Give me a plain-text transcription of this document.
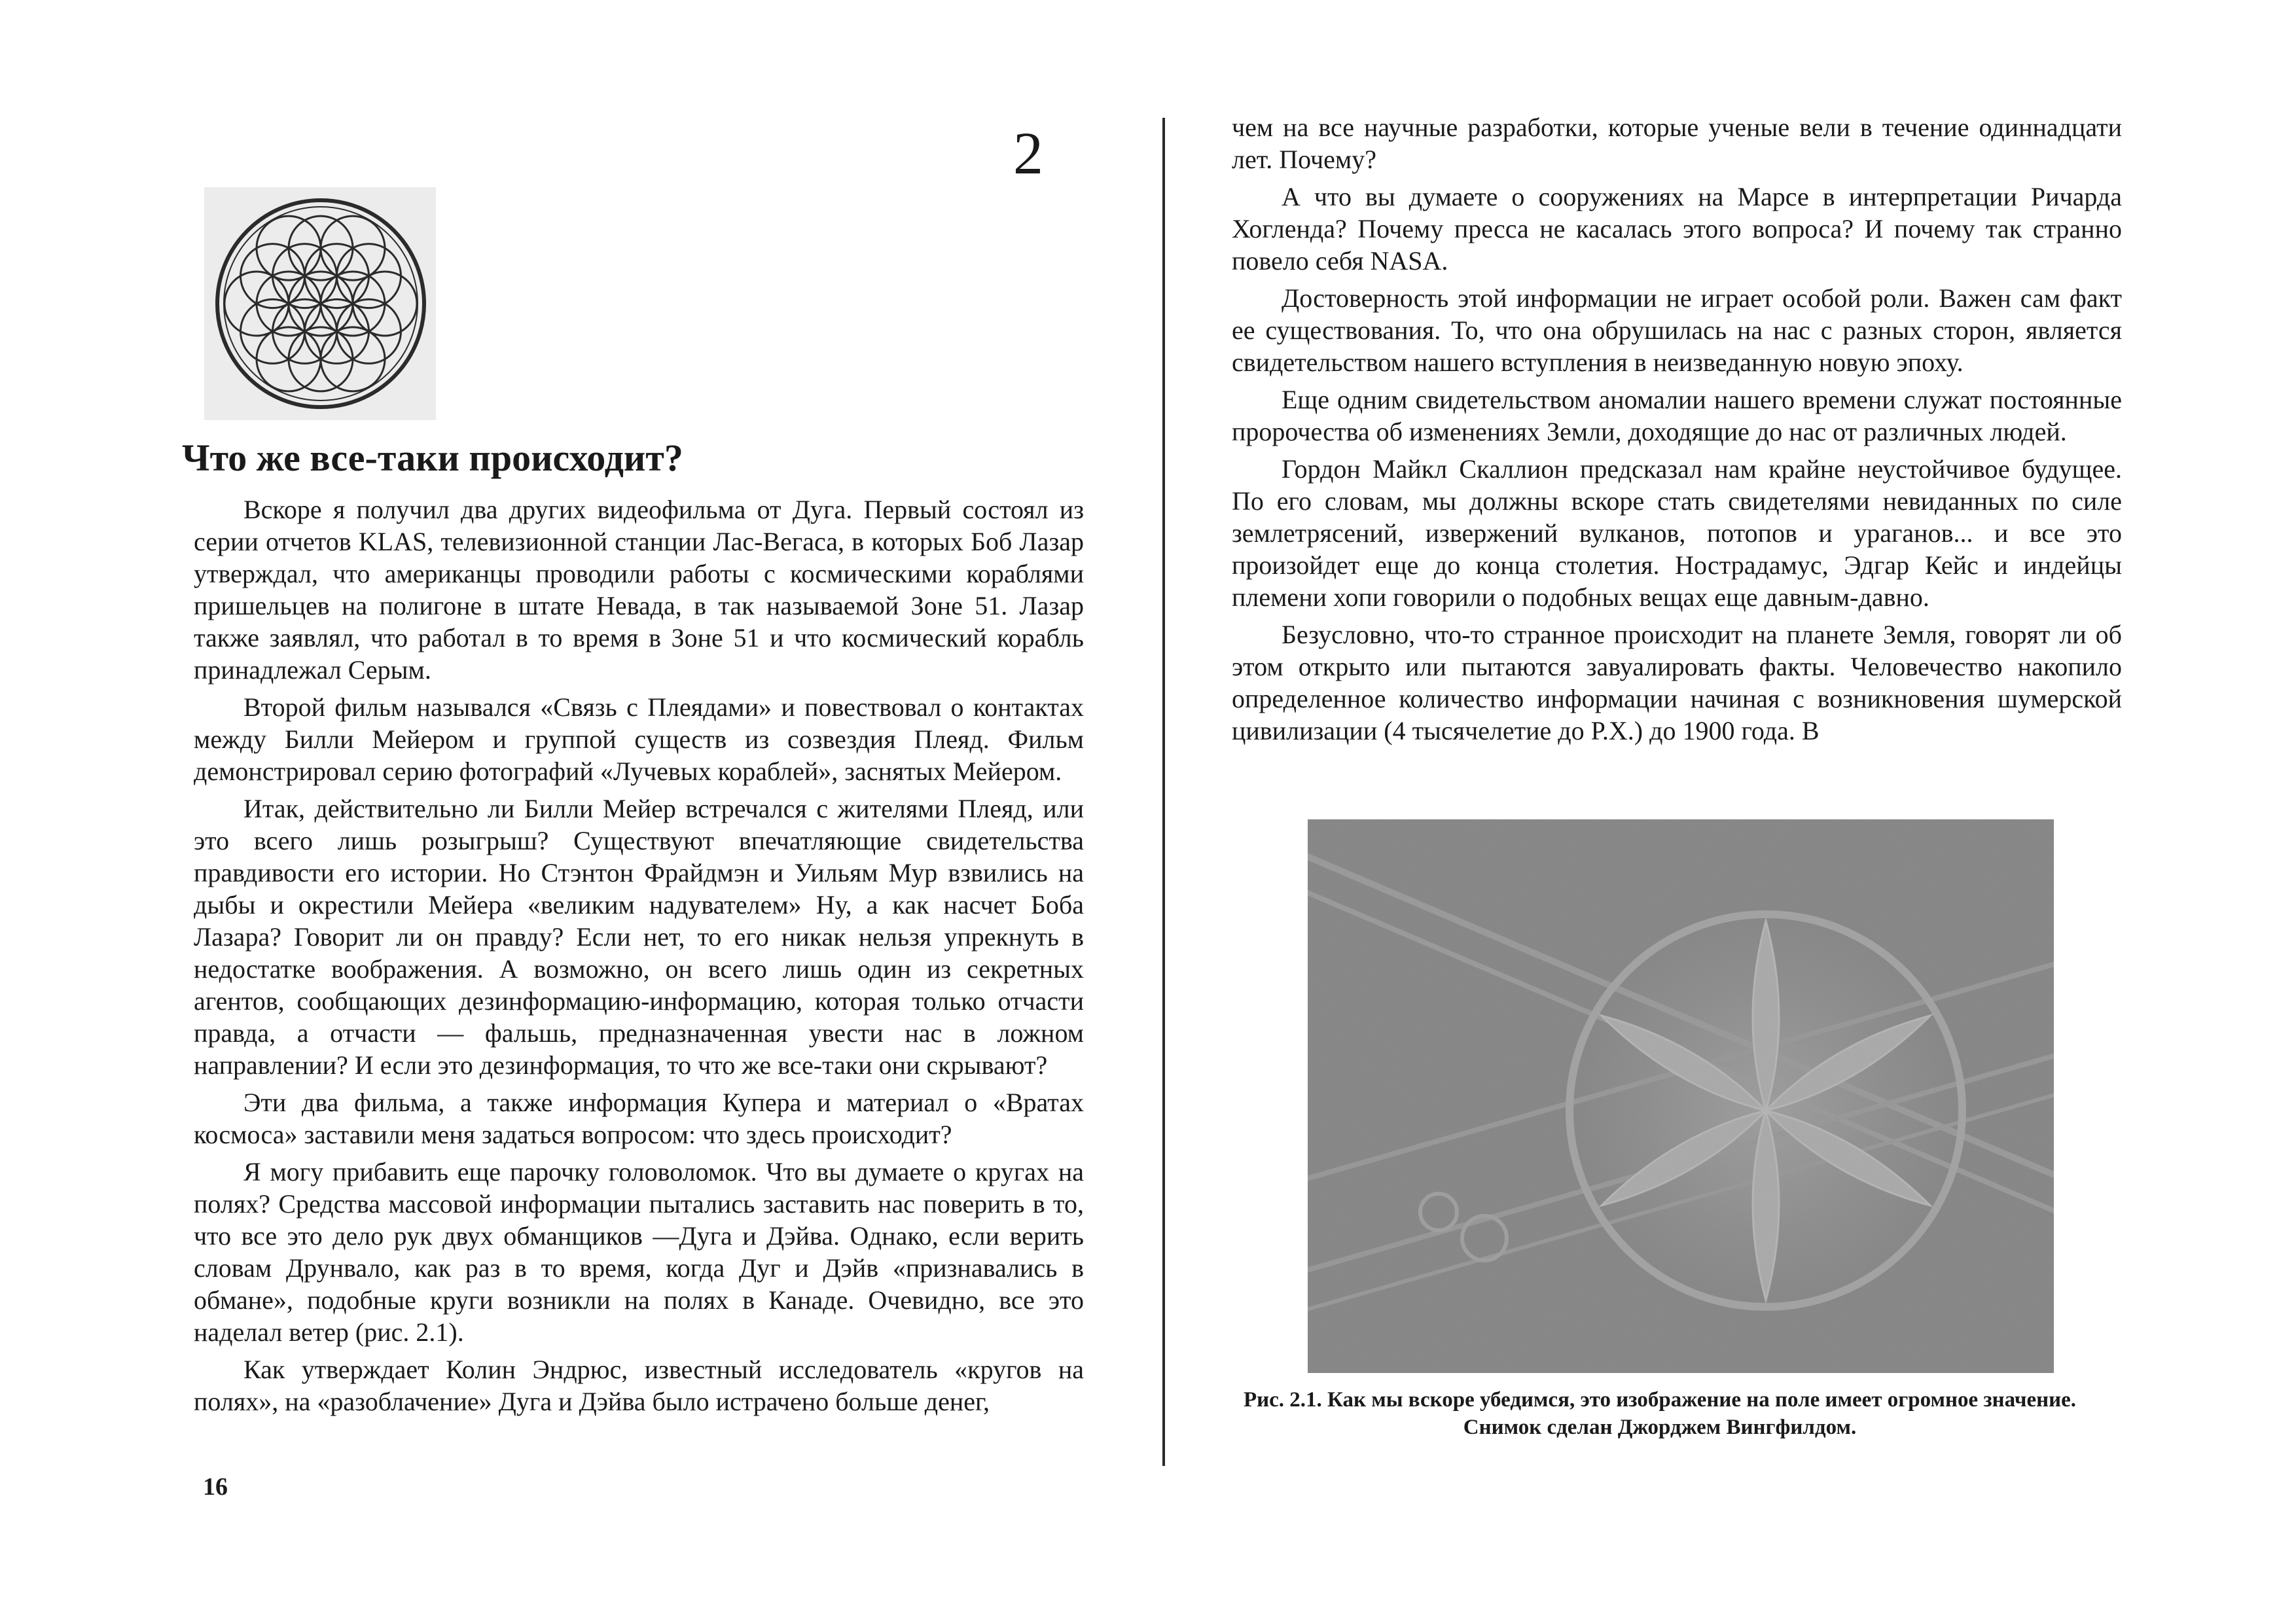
2
Что же все-таки происходит?

Вскоре я получил два других видеофильма от Дуга. Первый состоял из серии отчетов KLAS, телевизионной станции Лас-Вегаса, в которых Боб Лазар утверждал, что американцы проводили работы с космическими кораблями пришельцев на полигоне в штате Невада, в так называемой Зоне 51. Лазар также заявлял, что работал в то время в Зоне 51 и что космический корабль принадлежал Серым.

Второй фильм назывался «Связь с Плеядами» и повествовал о контактах между Билли Мейером и группой существ из созвездия Плеяд. Фильм демонстрировал серию фотографий «Лучевых кораблей», заснятых Мейером.

Итак, действительно ли Билли Мейер встречался с жителями Плеяд, или это всего лишь розыгрыш? Существуют впечатляющие свидетельства правдивости его истории. Но Стэнтон Фрайдмэн и Уильям Мур взвились на дыбы и окрестили Мейера «великим надувателем» Ну, а как насчет Боба Лазара? Говорит ли он правду? Если нет, то его никак нельзя упрекнуть в недостатке воображения. А возможно, он всего лишь один из секретных агентов, сообщающих дезинформацию-информацию, которая только отчасти правда, а отчасти — фальшь, предназначенная увести нас в ложном направлении? И если это дезинформация, то что же все-таки они скрывают?

Эти два фильма, а также информация Купера и материал о «Вратах космоса» заставили меня задаться вопросом: что здесь происходит?

Я могу прибавить еще парочку головоломок. Что вы думаете о кругах на полях? Средства массовой информации пытались заставить нас поверить в то, что все это дело рук двух обманщиков —Дуга и Дэйва. Однако, если верить словам Друнвало, как раз в то время, когда Дуг и Дэйв «признавались в обмане», подобные круги возникли на полях в Канаде. Очевидно, все это наделал ветер (рис. 2.1).

Как утверждает Колин Эндрюс, известный исследователь «кругов на полях», на «разоблачение» Дуга и Дэйва было истрачено больше денег,

16

чем на все научные разработки, которые ученые вели в течение одиннадцати лет. Почему?

А что вы думаете о сооружениях на Марсе в интерпретации Ричарда Хогленда? Почему пресса не касалась этого вопроса? И почему так странно повело себя NASA.

Достоверность этой информации не играет особой роли. Важен сам факт ее существования. То, что она обрушилась на нас с разных сторон, является свидетельством нашего вступления в неизведанную новую эпоху.

Еще одним свидетельством аномалии нашего времени служат постоянные пророчества об изменениях Земли, доходящие до нас от различных людей.

Гордон Майкл Скаллион предсказал нам крайне неустойчивое будущее. По его словам, мы должны вскоре стать свидетелями невиданных по силе землетрясений, извержений вулканов, потопов и ураганов... и все это произойдет еще до конца столетия. Нострадамус, Эдгар Кейс и индейцы племени хопи говорили о подобных вещах еще давным-давно.

Безусловно, что-то странное происходит на планете Земля, говорят ли об этом открыто или пытаются завуалировать факты. Человечество накопило определенное количество информации начиная с возникновения шумерской цивилизации (4 тысячелетие до Р.Х.) до 1900 года. В

Рис. 2.1. Как мы вскоре убедимся, это изображение на поле имеет огромное значение. Снимок сделан Джорджем Вингфилдом.
